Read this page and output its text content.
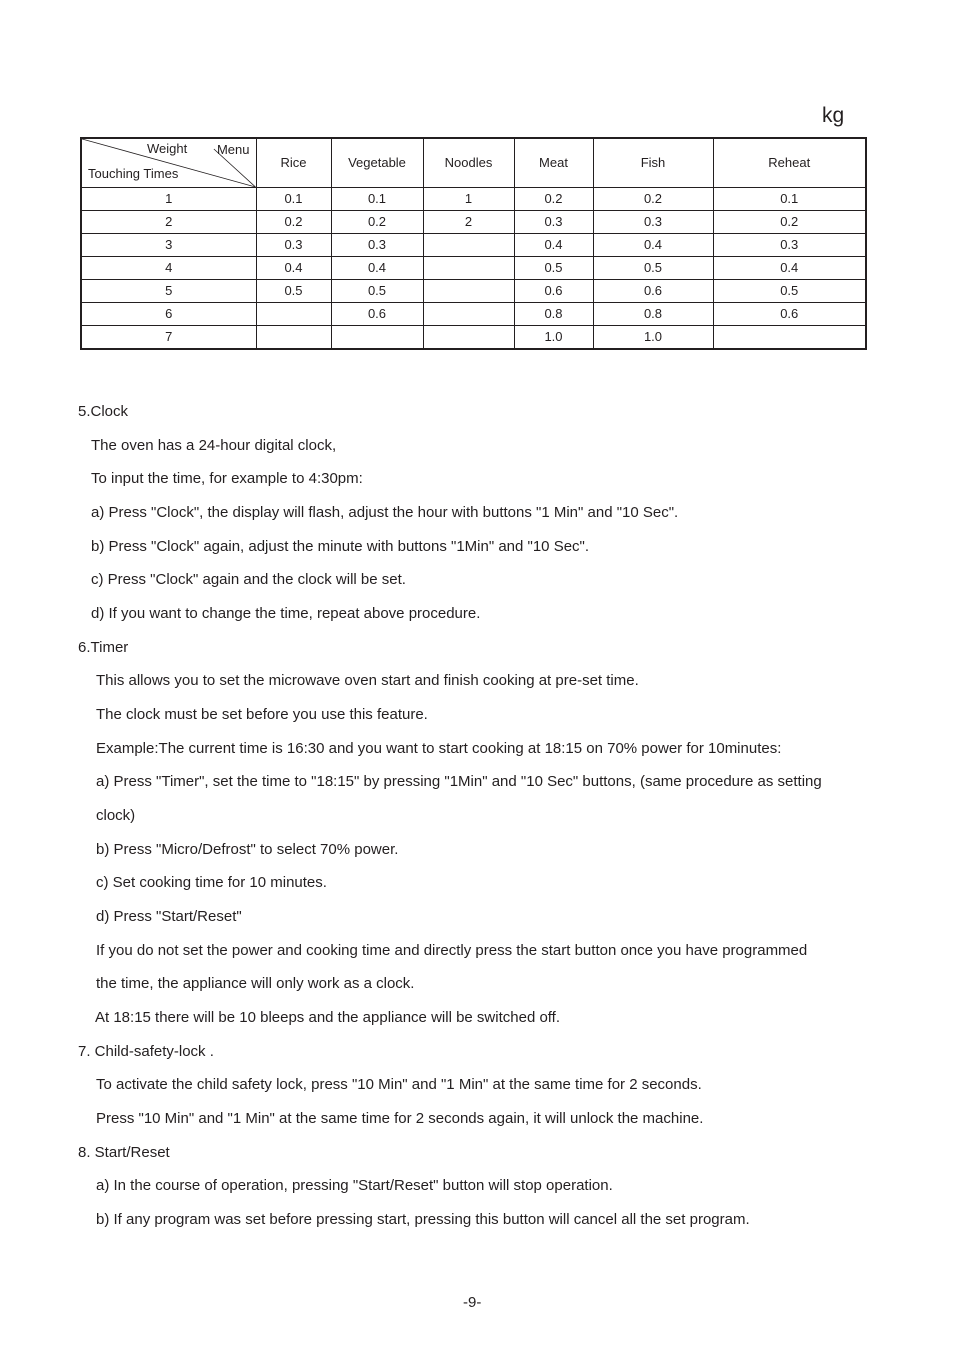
kg
Weight Menu
Touching Times	Rice	Vegetable	Noodles	Meat	Fish	Reheat
1	0.1	0.1	1	0.2	0.2	0.1
2	0.2	0.2	2	0.3	0.3	0.2
3	0.3	0.3		0.4	0.4	0.3
4	0.4	0.4		0.5	0.5	0.4
5	0.5	0.5		0.6	0.6	0.5
6		0.6		0.8	0.8	0.6
7				1.0	1.0	
5.Clock
The oven has a 24-hour digital clock,
To input the time, for example to 4:30pm:
a) Press "Clock", the display will flash, adjust the hour with buttons "1 Min" and "10 Sec".
b) Press "Clock" again, adjust the minute with buttons "1Min" and "10 Sec".
c) Press "Clock" again and the clock will be set.
d) If you want to change the time, repeat above procedure.
6.Timer
This allows you to set the microwave oven start and finish cooking at pre-set time.
The clock must be set before you use this feature.
Example:The current time is 16:30 and you want to start cooking at 18:15 on 70% power for 10minutes:
a) Press "Timer", set the time to "18:15" by pressing "1Min" and "10 Sec" buttons, (same procedure as setting
clock)
b) Press "Micro/Defrost" to select 70% power.
c) Set cooking time for 10 minutes.
d) Press "Start/Reset"
If you do not set the power and cooking time and directly press the start button once you have programmed
the time, the appliance will only work as a clock.
At 18:15 there will be 10 bleeps and the appliance will be switched off.
7. Child-safety-lock .
To activate the child safety lock, press "10 Min" and "1 Min" at the same time for 2 seconds.
Press "10 Min" and "1 Min" at the same time for 2 seconds again, it will unlock the machine.
8. Start/Reset
a) In the course of operation, pressing "Start/Reset" button will stop operation.
b) If any program was set before pressing start, pressing this button will cancel all the set program.
-9-
